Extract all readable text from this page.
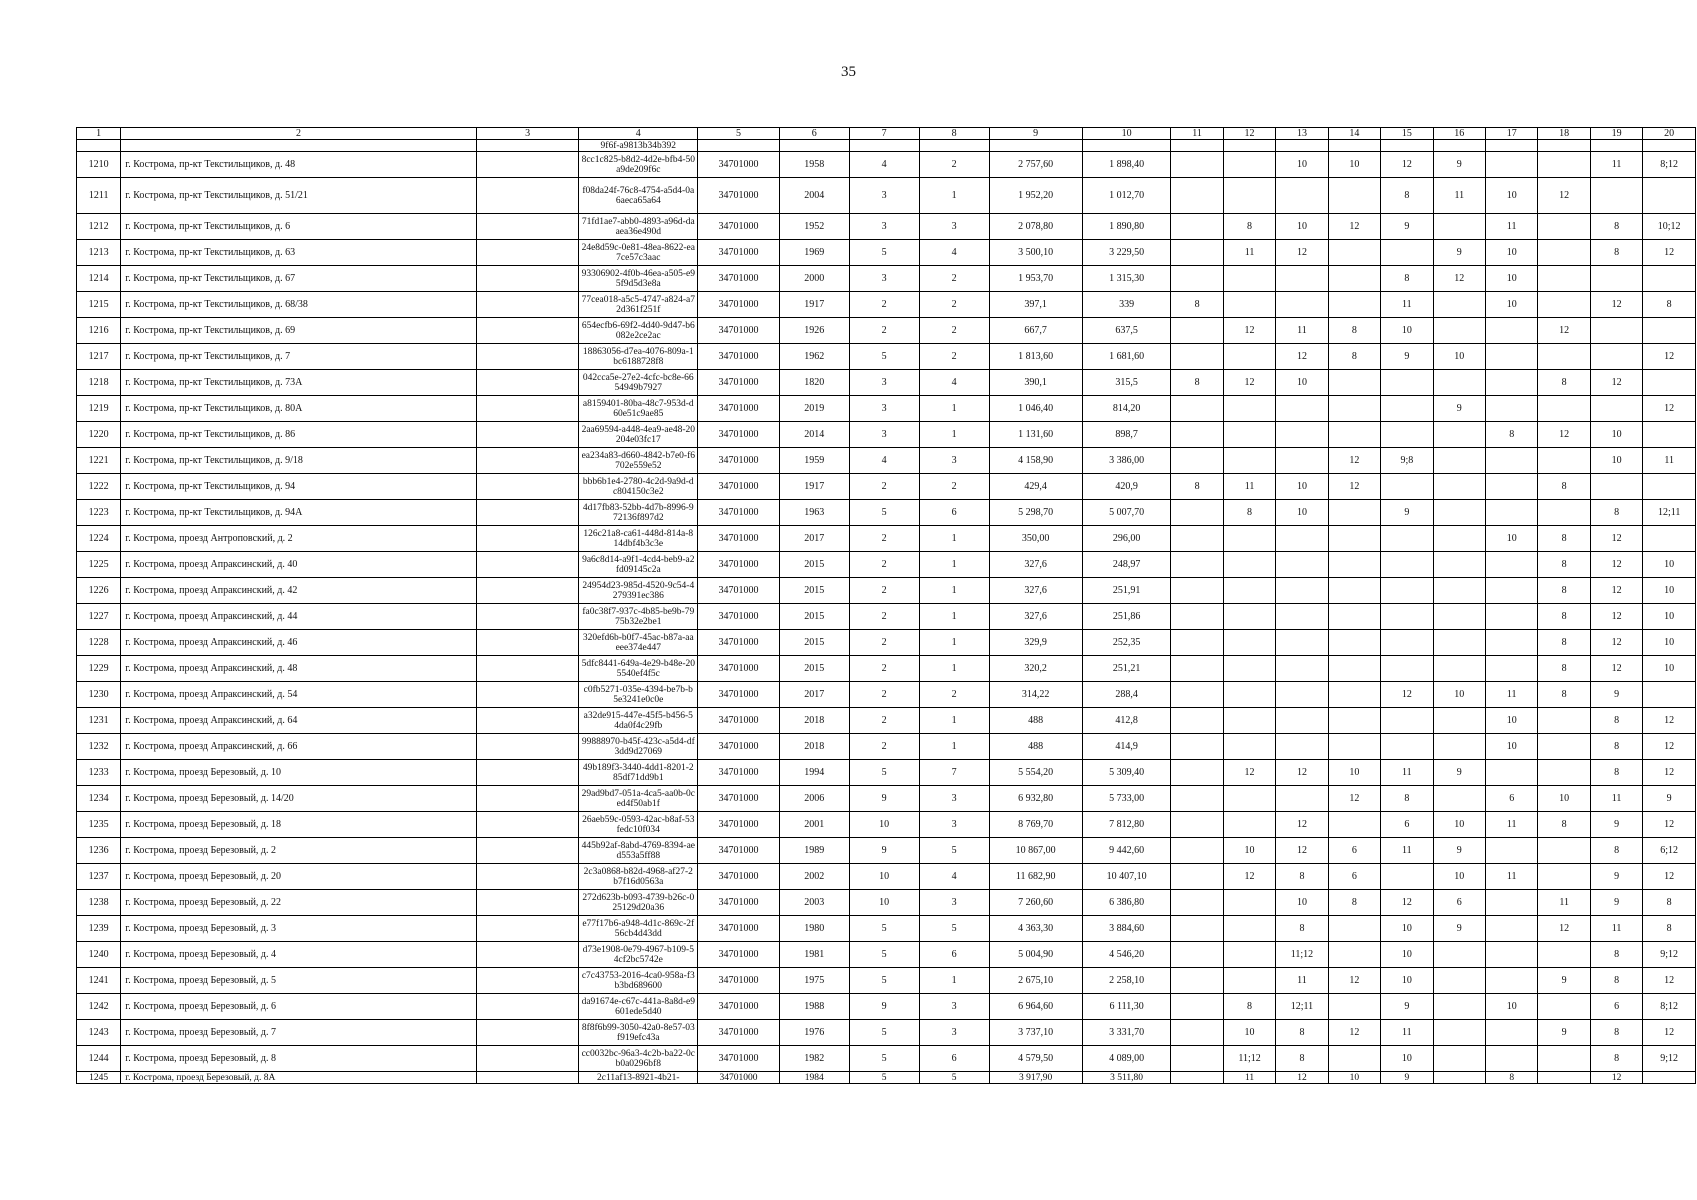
35
1	2	3	4	5	6	7	8	9	10	11	12	13	14	15	16	17	18	19	20
			9f6f-a9813b34b392																
1210	г. Кострома, пр-кт Текстильщиков, д. 48		8cc1c825-b8d2-4d2e-bfb4-50a9de209f6c	34701000	1958	4	2	2 757,60	1 898,40			10	10	12	9			11	8;12
1211	г. Кострома, пр-кт Текстильщиков, д. 51/21		f08da24f-76c8-4754-a5d4-0a6aeca65a64	34701000	2004	3	1	1 952,20	1 012,70					8	11	10	12		
1212	г. Кострома, пр-кт Текстильщиков, д. 6		71fd1ae7-abb0-4893-a96d-daaea36e490d	34701000	1952	3	3	2 078,80	1 890,80		8	10	12	9		11		8	10;12
1213	г. Кострома, пр-кт Текстильщиков, д. 63		24e8d59c-0e81-48ea-8622-ea7ce57c3aac	34701000	1969	5	4	3 500,10	3 229,50		11	12			9	10		8	12
1214	г. Кострома, пр-кт Текстильщиков, д. 67		93306902-4f0b-46ea-a505-e95f9d5d3e8a	34701000	2000	3	2	1 953,70	1 315,30					8	12	10			
1215	г. Кострома, пр-кт Текстильщиков, д. 68/38		77cea018-a5c5-4747-a824-a72d361f251f	34701000	1917	2	2	397,1	339	8				11		10		12	8
1216	г. Кострома, пр-кт Текстильщиков, д. 69		654ecfb6-69f2-4d40-9d47-b6082e2ce2ac	34701000	1926	2	2	667,7	637,5		12	11	8	10			12		
1217	г. Кострома, пр-кт Текстильщиков, д. 7		18863056-d7ea-4076-809a-1bc6188728f8	34701000	1962	5	2	1 813,60	1 681,60			12	8	9	10				12
1218	г. Кострома, пр-кт Текстильщиков, д. 73А		042cca5e-27e2-4cfc-bc8e-6654949b7927	34701000	1820	3	4	390,1	315,5	8	12	10					8	12	
1219	г. Кострома, пр-кт Текстильщиков, д. 80А		a8159401-80ba-48c7-953d-d60e51c9ae85	34701000	2019	3	1	1 046,40	814,20						9				12
1220	г. Кострома, пр-кт Текстильщиков, д. 86		2aa69594-a448-4ea9-ae48-20204e03fc17	34701000	2014	3	1	1 131,60	898,7							8	12	10	
1221	г. Кострома, пр-кт Текстильщиков, д. 9/18		ea234a83-d660-4842-b7e0-f6702e559e52	34701000	1959	4	3	4 158,90	3 386,00				12	9;8				10	11
1222	г. Кострома, пр-кт Текстильщиков, д. 94		bbb6b1e4-2780-4c2d-9a9d-dc804150c3e2	34701000	1917	2	2	429,4	420,9	8	11	10	12				8		
1223	г. Кострома, пр-кт Текстильщиков, д. 94А		4d17fb83-52bb-4d7b-8996-972136f897d2	34701000	1963	5	6	5 298,70	5 007,70		8	10		9				8	12;11
1224	г. Кострома, проезд Антроповский, д. 2		126c21a8-ca61-448d-814a-814dbf4b3c3e	34701000	2017	2	1	350,00	296,00							10	8	12	
1225	г. Кострома, проезд Апраксинский, д. 40		9a6c8d14-a9f1-4cd4-beb9-a2fd09145c2a	34701000	2015	2	1	327,6	248,97								8	12	10
1226	г. Кострома, проезд Апраксинский, д. 42		24954d23-985d-4520-9c54-4279391ec386	34701000	2015	2	1	327,6	251,91								8	12	10
1227	г. Кострома, проезд Апраксинский, д. 44		fa0c38f7-937c-4b85-be9b-7975b32e2be1	34701000	2015	2	1	327,6	251,86								8	12	10
1228	г. Кострома, проезд Апраксинский, д. 46		320efd6b-b0f7-45ac-b87a-aaeee374e447	34701000	2015	2	1	329,9	252,35								8	12	10
1229	г. Кострома, проезд Апраксинский, д. 48		5dfc8441-649a-4e29-b48e-205540ef4f5c	34701000	2015	2	1	320,2	251,21								8	12	10
1230	г. Кострома, проезд Апраксинский, д. 54		c0fb5271-035e-4394-be7b-b5e3241e0c0e	34701000	2017	2	2	314,22	288,4					12	10	11	8	9	
1231	г. Кострома, проезд Апраксинский, д. 64		a32de915-447e-45f5-b456-54da0f4c29fb	34701000	2018	2	1	488	412,8							10		8	12
1232	г. Кострома, проезд Апраксинский, д. 66		99888970-b45f-423c-a5d4-df3dd9d27069	34701000	2018	2	1	488	414,9							10		8	12
1233	г. Кострома, проезд Березовый, д. 10		49b189f3-3440-4dd1-8201-285df71dd9b1	34701000	1994	5	7	5 554,20	5 309,40		12	12	10	11	9			8	12
1234	г. Кострома, проезд Березовый, д. 14/20		29ad9bd7-051a-4ca5-aa0b-0ced4f50ab1f	34701000	2006	9	3	6 932,80	5 733,00				12	8		6	10	11	9
1235	г. Кострома, проезд Березовый, д. 18		26aeb59c-0593-42ac-b8af-53fedc10f034	34701000	2001	10	3	8 769,70	7 812,80			12		6	10	11	8	9	12
1236	г. Кострома, проезд Березовый, д. 2		445b92af-8abd-4769-8394-aed553a5ff88	34701000	1989	9	5	10 867,00	9 442,60		10	12	6	11	9			8	6;12
1237	г. Кострома, проезд Березовый, д. 20		2c3a0868-b82d-4968-af27-2b7f16d0563a	34701000	2002	10	4	11 682,90	10 407,10		12	8	6		10	11		9	12
1238	г. Кострома, проезд Березовый, д. 22		272d623b-b093-4739-b26c-025129d20a36	34701000	2003	10	3	7 260,60	6 386,80			10	8	12	6		11	9	8
1239	г. Кострома, проезд Березовый, д. 3		e77f17b6-a948-4d1c-869c-2f56cb4d43dd	34701000	1980	5	5	4 363,30	3 884,60			8		10	9		12	11	8
1240	г. Кострома, проезд Березовый, д. 4		d73e1908-0e79-4967-b109-54cf2bc5742e	34701000	1981	5	6	5 004,90	4 546,20			11;12		10				8	9;12
1241	г. Кострома, проезд Березовый, д. 5		c7c43753-2016-4ca0-958a-f3b3bd689600	34701000	1975	5	1	2 675,10	2 258,10			11	12	10			9	8	12
1242	г. Кострома, проезд Березовый, д. 6		da91674e-c67c-441a-8a8d-e9601ede5d40	34701000	1988	9	3	6 964,60	6 111,30		8	12;11		9		10		6	8;12
1243	г. Кострома, проезд Березовый, д. 7		8f8f6b99-3050-42a0-8e57-03f919efc43a	34701000	1976	5	3	3 737,10	3 331,70		10	8	12	11			9	8	12
1244	г. Кострома, проезд Березовый, д. 8		cc0032bc-96a3-4c2b-ba22-0cb0a0296bf8	34701000	1982	5	6	4 579,50	4 089,00		11;12	8		10				8	9;12
1245	г. Кострома, проезд Березовый, д. 8А		2c11af13-8921-4b21-	34701000	1984	5	5	3 917,90	3 511,80		11	12	10	9		8		12	
